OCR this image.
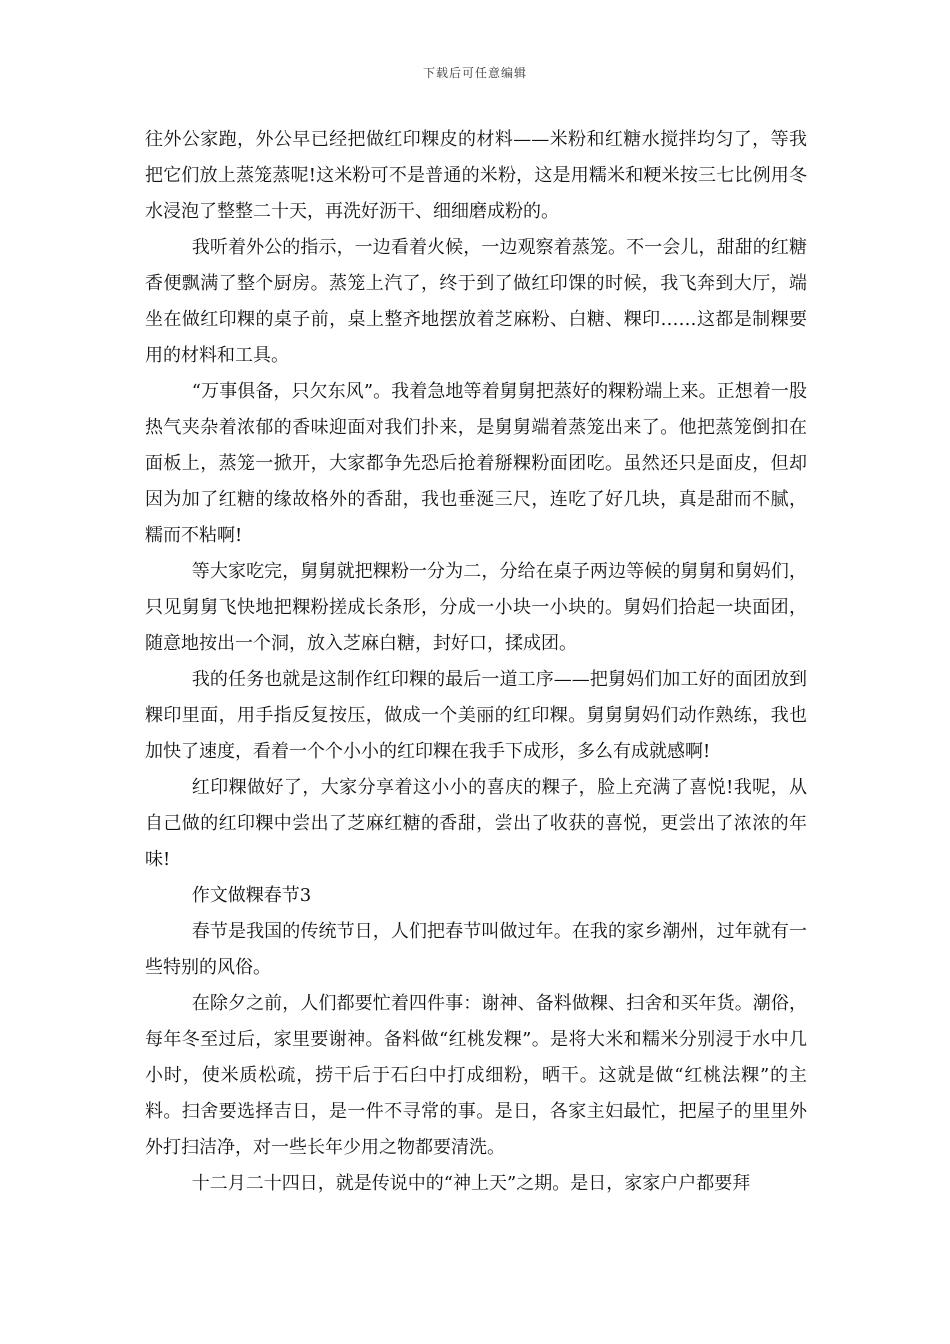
下载后可任意编辑

往外公家跑，外公早已经把做红印粿皮的材料——米粉和红糖水搅拌均匀了，等我把它们放上蒸笼蒸呢!这米粉可不是普通的米粉，这是用糯米和粳米按三七比例用冬水浸泡了整整二十天，再洗好沥干、细细磨成粉的。

我听着外公的指示，一边看着火候，一边观察着蒸笼。不一会儿，甜甜的红糖香便飘满了整个厨房。蒸笼上汽了，终于到了做红印馃的时候，我飞奔到大厅，端坐在做红印粿的桌子前，桌上整齐地摆放着芝麻粉、白糖、粿印……这都是制粿要用的材料和工具。

“万事俱备，只欠东风”。我着急地等着舅舅把蒸好的粿粉端上来。正想着一股热气夹杂着浓郁的香味迎面对我们扑来，是舅舅端着蒸笼出来了。他把蒸笼倒扣在面板上，蒸笼一掀开，大家都争先恐后抢着掰粿粉面团吃。虽然还只是面皮，但却因为加了红糖的缘故格外的香甜，我也垂涎三尺，连吃了好几块，真是甜而不腻，糯而不粘啊!

等大家吃完，舅舅就把粿粉一分为二，分给在桌子两边等候的舅舅和舅妈们，只见舅舅飞快地把粿粉搓成长条形，分成一小块一小块的。舅妈们拾起一块面团，随意地按出一个洞，放入芝麻白糖，封好口，揉成团。

我的任务也就是这制作红印粿的最后一道工序——把舅妈们加工好的面团放到粿印里面，用手指反复按压，做成一个美丽的红印粿。舅舅舅妈们动作熟练，我也加快了速度，看着一个个小小的红印粿在我手下成形，多么有成就感啊!

红印粿做好了，大家分享着这小小的喜庆的粿子，脸上充满了喜悦!我呢，从自己做的红印粿中尝出了芝麻红糖的香甜，尝出了收获的喜悦，更尝出了浓浓的年味!

作文做粿春节3

春节是我国的传统节日，人们把春节叫做过年。在我的家乡潮州，过年就有一些特别的风俗。

在除夕之前，人们都要忙着四件事：谢神、备料做粿、扫舍和买年货。潮俗，每年冬至过后，家里要谢神。备料做“红桃发粿”。是将大米和糯米分别浸于水中几小时，使米质松疏，捞干后于石臼中打成细粉，晒干。这就是做“红桃法粿”的主料。扫舍要选择吉日，是一件不寻常的事。是日，各家主妇最忙，把屋子的里里外外打扫洁净，对一些长年少用之物都要清洗。

十二月二十四日，就是传说中的“神上天”之期。是日，家家户户都要拜
